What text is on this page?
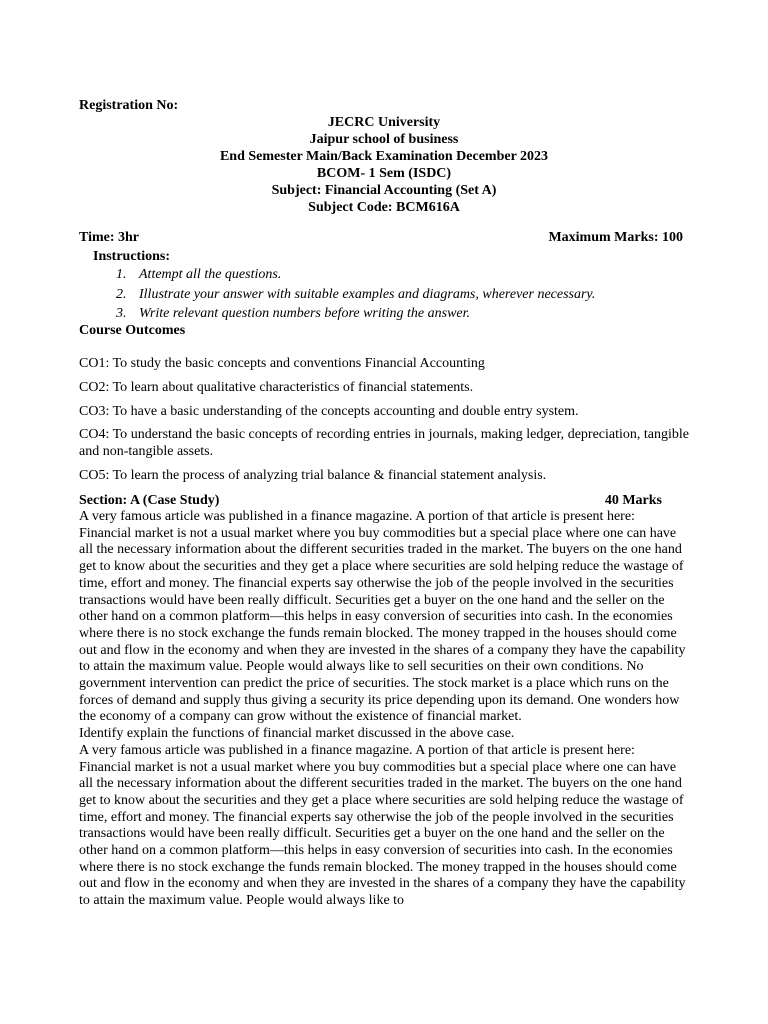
Registration No:
JECRC University
Jaipur school of business
End Semester Main/Back Examination December 2023
BCOM- 1 Sem (ISDC)
Subject: Financial Accounting (Set A)
Subject Code: BCM616A
Time: 3hr	Maximum Marks: 100
Instructions:
1. Attempt all the questions.
2. Illustrate your answer with suitable examples and diagrams, wherever necessary.
3. Write relevant question numbers before writing the answer.
Course Outcomes
CO1: To study the basic concepts and conventions Financial Accounting
CO2: To learn about qualitative characteristics of financial statements.
CO3: To have a basic understanding of the concepts accounting and double entry system.
CO4: To understand the basic concepts of recording entries in journals, making ledger, depreciation, tangible and non-tangible assets.
CO5: To learn the process of analyzing trial balance & financial statement analysis.
Section: A (Case Study)	40 Marks
A very famous article was published in a finance magazine. A portion of that article is present here:
Financial market is not a usual market where you buy commodities but a special place where one can have all the necessary information about the different securities traded in the market. The buyers on the one hand get to know about the securities and they get a place where securities are sold helping reduce the wastage of time, effort and money. The financial experts say otherwise the job of the people involved in the securities transactions would have been really difficult. Securities get a buyer on the one hand and the seller on the other hand on a common platform—this helps in easy conversion of securities into cash. In the economies where there is no stock exchange the funds remain blocked. The money trapped in the houses should come out and flow in the economy and when they are invested in the shares of a company they have the capability to attain the maximum value. People would always like to sell securities on their own conditions. No government intervention can predict the price of securities. The stock market is a place which runs on the forces of demand and supply thus giving a security its price depending upon its demand. One wonders how the economy of a company can grow without the existence of financial market.
Identify explain the functions of financial market discussed in the above case.
A very famous article was published in a finance magazine. A portion of that article is present here:
Financial market is not a usual market where you buy commodities but a special place where one can have all the necessary information about the different securities traded in the market. The buyers on the one hand get to know about the securities and they get a place where securities are sold helping reduce the wastage of time, effort and money. The financial experts say otherwise the job of the people involved in the securities transactions would have been really difficult. Securities get a buyer on the one hand and the seller on the other hand on a common platform—this helps in easy conversion of securities into cash. In the economies where there is no stock exchange the funds remain blocked. The money trapped in the houses should come out and flow in the economy and when they are invested in the shares of a company they have the capability to attain the maximum value. People would always like to
